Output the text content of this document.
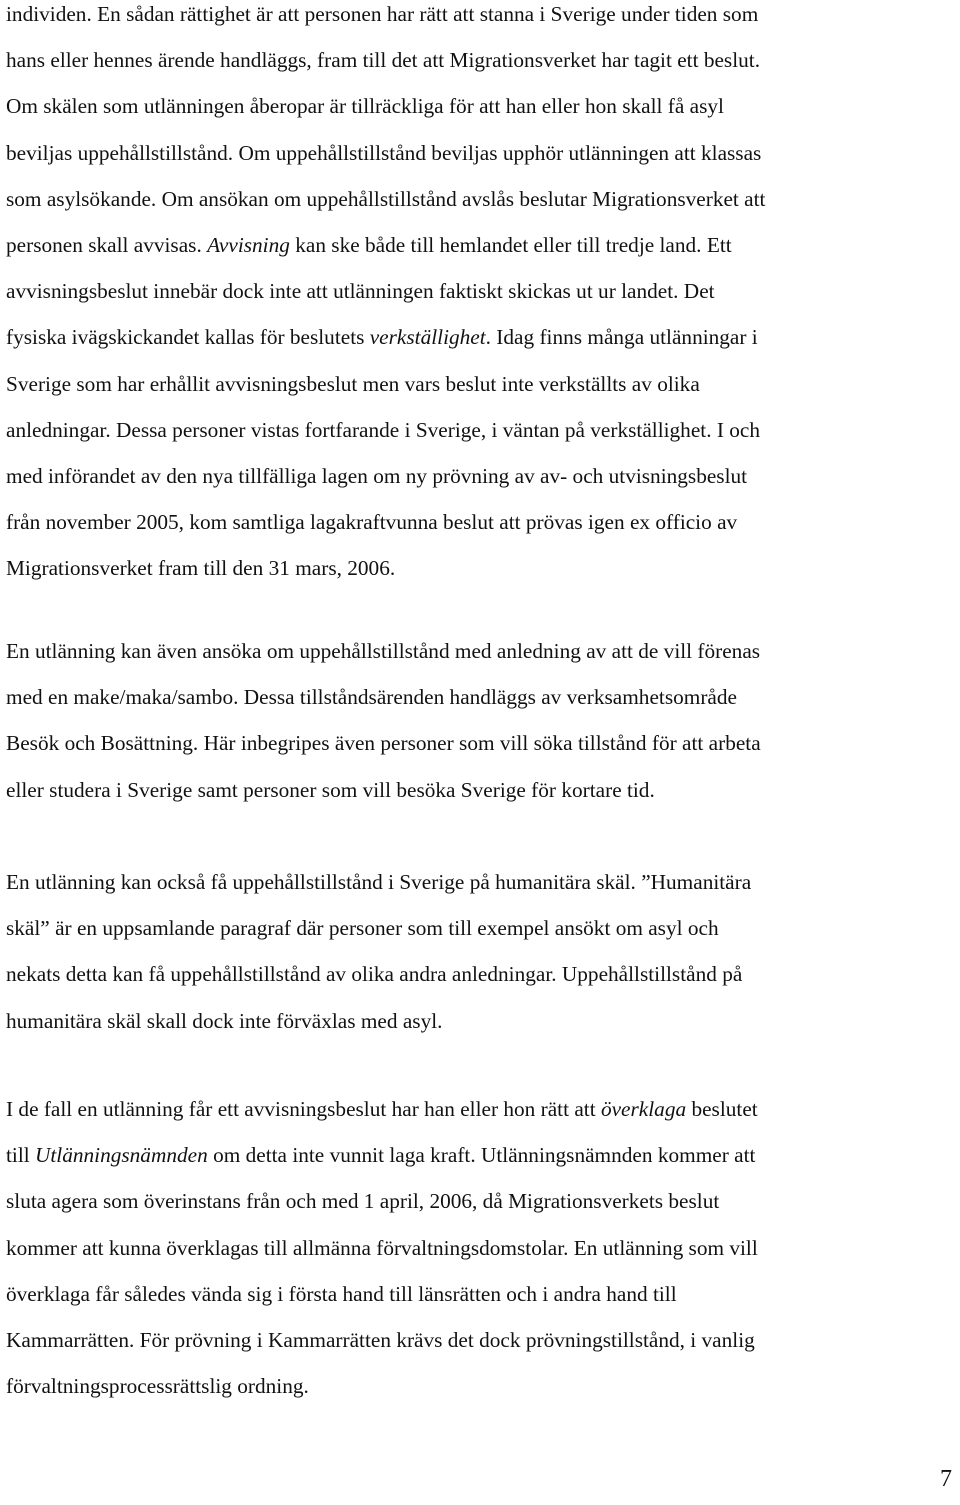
individen. En sådan rättighet är att personen har rätt att stanna i Sverige under tiden som
hans eller hennes ärende handläggs, fram till det att Migrationsverket har tagit ett beslut.
Om skälen som utlänningen åberopar är tillräckliga för att han eller hon skall få asyl
beviljas uppehållstillstånd. Om uppehållstillstånd beviljas upphör utlänningen att klassas
som asylsökande. Om ansökan om uppehållstillstånd avslås beslutar Migrationsverket att
personen skall avvisas. Avvisning kan ske både till hemlandet eller till tredje land. Ett
avvisningsbeslut innebär dock inte att utlänningen faktiskt skickas ut ur landet. Det
fysiska ivägskickandet kallas för beslutets verkställighet. Idag finns många utlänningar i
Sverige som har erhållit avvisningsbeslut men vars beslut inte verkställts av olika
anledningar. Dessa personer vistas fortfarande i Sverige, i väntan på verkställighet. I och
med införandet av den nya tillfälliga lagen om ny prövning av av- och utvisningsbeslut
från november 2005, kom samtliga lagakraftvunna beslut att prövas igen ex officio av
Migrationsverket fram till den 31 mars, 2006.
En utlänning kan även ansöka om uppehållstillstånd med anledning av att de vill förenas
med en make/maka/sambo. Dessa tillståndsärenden handläggs av verksamhetsområde
Besök och Bosättning. Här inbegripes även personer som vill söka tillstånd för att arbeta
eller studera i Sverige samt personer som vill besöka Sverige för kortare tid.
En utlänning kan också få uppehållstillstånd i Sverige på humanitära skäl. ”Humanitära
skäl” är en uppsamlande paragraf där personer som till exempel ansökt om asyl och
nekats detta kan få uppehållstillstånd av olika andra anledningar. Uppehållstillstånd på
humanitära skäl skall dock inte förväxlas med asyl.
I de fall en utlänning får ett avvisningsbeslut har han eller hon rätt att överklaga beslutet
till Utlänningsnämnden om detta inte vunnit laga kraft. Utlänningsnämnden kommer att
sluta agera som överinstans från och med 1 april, 2006, då Migrationsverkets beslut
kommer att kunna överklagas till allmänna förvaltningsdomstolar. En utlänning som vill
överklaga får således vända sig i första hand till länsrätten och i andra hand till
Kammarrätten. För prövning i Kammarrätten krävs det dock prövningstillstånd, i vanlig
förvaltningsprocessrättslig ordning.
7
